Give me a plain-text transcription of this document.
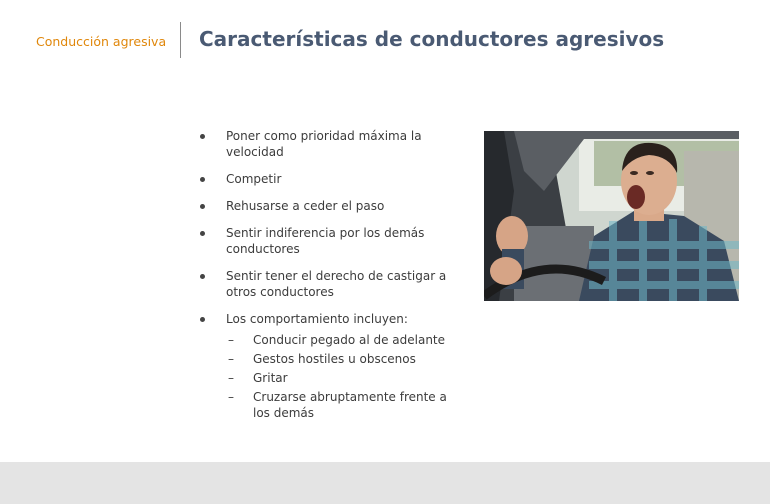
Conducción agresiva Características de conductores agresivos
Poner como prioridad máxima la velocidad
Competir
Rehusarse a ceder el paso
Sentir indiferencia por los demás conductores
Sentir tener el derecho de castigar a otros conductores
Los comportamiento incluyen:
– Conducir pegado al de adelante
– Gestos hostiles u obscenos
– Gritar
– Cruzarse abruptamente frente a los demás
